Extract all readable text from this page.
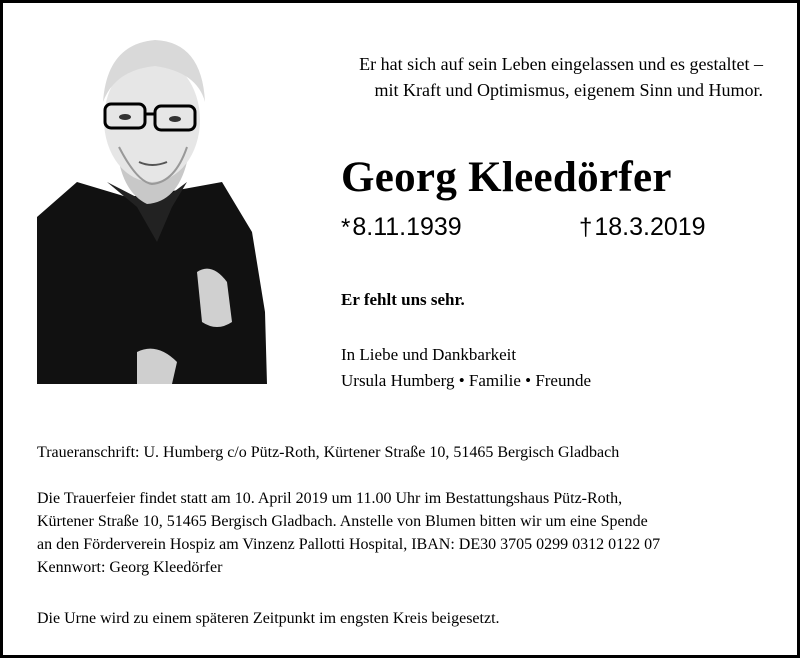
Er hat sich auf sein Leben eingelassen und es gestaltet –
mit Kraft und Optimismus, eigenem Sinn und Humor.
Georg Kleedörfer
*8.11.1939	†18.3.2019
Er fehlt uns sehr.
In Liebe und Dankbarkeit
Ursula Humberg • Familie • Freunde
Traueranschrift: U. Humberg c/o Pütz-Roth, Kürtener Straße 10, 51465 Bergisch Gladbach
Die Trauerfeier findet statt am 10. April 2019 um 11.00 Uhr im Bestattungshaus Pütz-Roth,
Kürtener Straße 10, 51465 Bergisch Gladbach. Anstelle von Blumen bitten wir um eine Spende
an den Förderverein Hospiz am Vinzenz Pallotti Hospital, IBAN: DE30 3705 0299 0312 0122 07
Kennwort: Georg Kleedörfer
Die Urne wird zu einem späteren Zeitpunkt im engsten Kreis beigesetzt.
